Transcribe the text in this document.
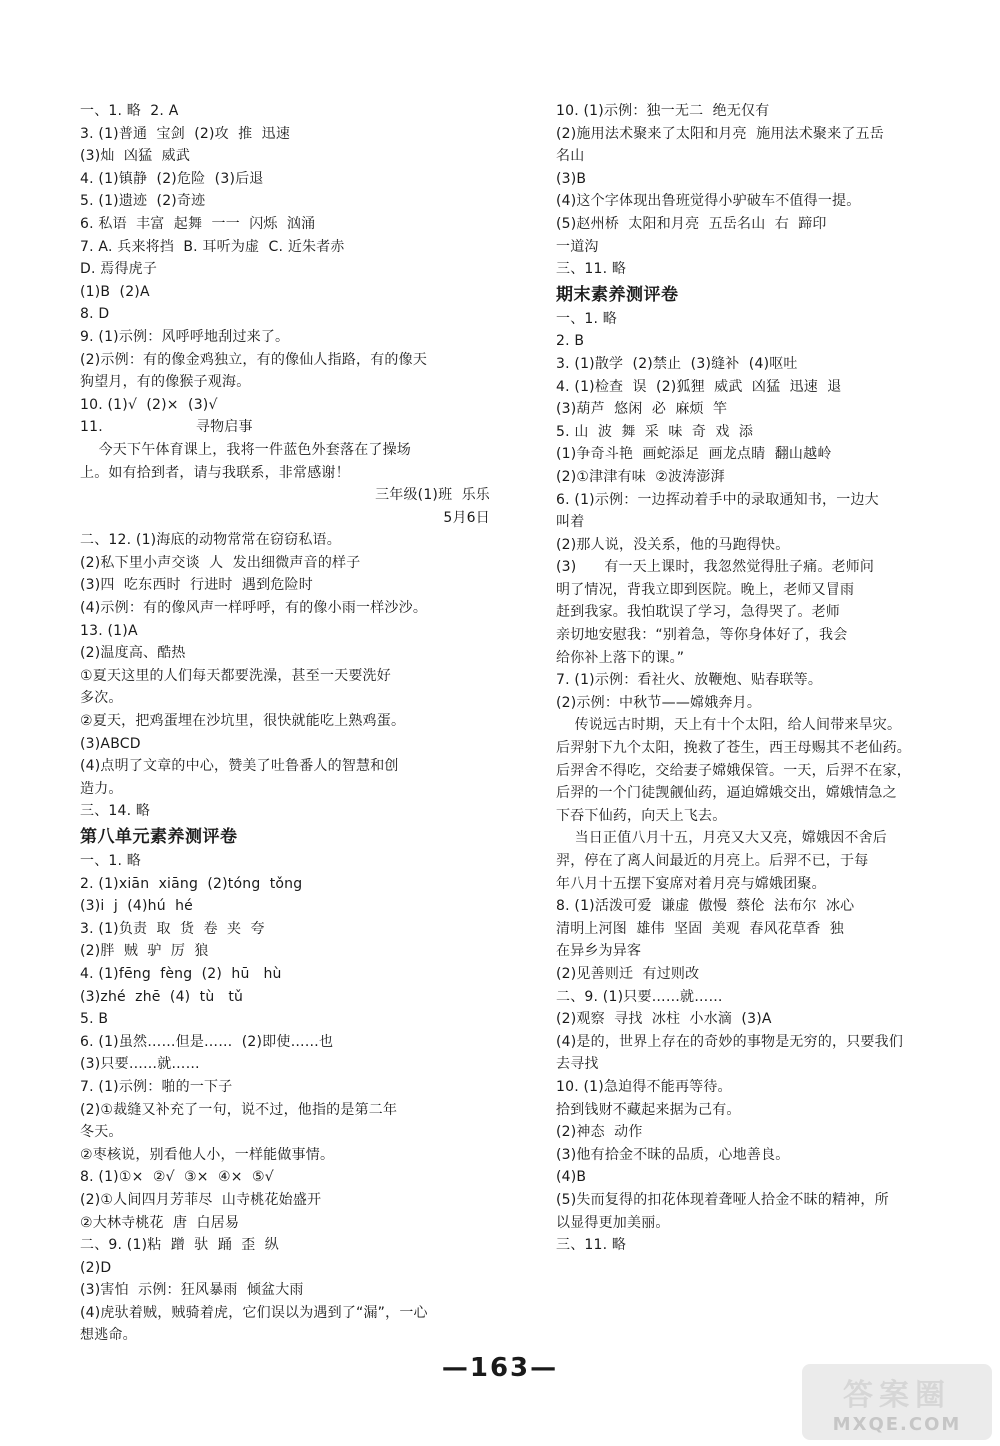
一、1. 略  2. A

3. (1)普通  宝剑  (2)攻  推  迅速

(3)灿  凶猛  威武

4. (1)镇静  (2)危险  (3)后退

5. (1)遗迹  (2)奇迹

6. 私语  丰富  起舞  一一  闪烁  汹涌

7. A. 兵来将挡  B. 耳听为虚  C. 近朱者赤

D. 焉得虎子

(1)B  (2)A

8. D

9. (1)示例：风呼呼地刮过来了。

(2)示例：有的像金鸡独立，有的像仙人指路，有的像天

狗望月，有的像猴子观海。

10. (1)√  (2)×  (3)√

11.                    寻物启事

今天下午体育课上，我将一件蓝色外套落在了操场

上。如有拾到者，请与我联系，非常感谢！

三年级(1)班  乐乐

5月6日

二、12. (1)海底的动物常常在窃窃私语。

(2)私下里小声交谈  人  发出细微声音的样子

(3)四  吃东西时  行进时  遇到危险时

(4)示例：有的像风声一样呼呼，有的像小雨一样沙沙。

13. (1)A

(2)温度高、酷热

①夏天这里的人们每天都要洗澡，甚至一天要洗好

多次。

②夏天，把鸡蛋埋在沙坑里，很快就能吃上熟鸡蛋。

(3)ABCD

(4)点明了文章的中心，赞美了吐鲁番人的智慧和创

造力。

三、14. 略

第八单元素养测评卷

一、1. 略

2. (1)xiān  xiāng  (2)tóng  tǒng

(3)i  j  (4)hú  hé

3. (1)负责  取  货  卷  夹  夸

(2)胖  贼  驴  厉  狼

4. (1)fēng  fèng  (2)  hū   hù

(3)zhé  zhē  (4)  tù   tǔ

5. B

6. (1)虽然……但是……  (2)即使……也

(3)只要……就……

7. (1)示例：啪的一下子

(2)①裁缝又补充了一句，说不过，他指的是第二年

冬天。

②枣核说，别看他人小，一样能做事情。

8. (1)①×  ②√  ③×  ④×  ⑤√

(2)①人间四月芳菲尽  山寺桃花始盛开

②大林寺桃花  唐  白居易

二、9. (1)粘  蹭  驮  踊  歪  纵

(2)D

(3)害怕  示例：狂风暴雨  倾盆大雨

(4)虎驮着贼，贼骑着虎，它们误以为遇到了“漏”，一心

想逃命。

10. (1)示例：独一无二  绝无仅有

(2)施用法术聚来了太阳和月亮  施用法术聚来了五岳

名山

(3)B

(4)这个字体现出鲁班觉得小驴破车不值得一提。

(5)赵州桥  太阳和月亮  五岳名山  右  蹄印

一道沟

三、11. 略

期末素养测评卷

一、1. 略

2. B

3. (1)散学  (2)禁止  (3)缝补  (4)呕吐

4. (1)检查  误  (2)狐狸  威武  凶猛  迅速  退

(3)葫芦  悠闲  必  麻烦  竿

5. 山  波  舞  采  味  奇  戏  添

(1)争奇斗艳  画蛇添足  画龙点睛  翻山越岭

(2)①津津有味  ②波涛澎湃

6. (1)示例：一边挥动着手中的录取通知书，一边大

叫着

(2)那人说，没关系，他的马跑得快。

(3)      有一天上课时，我忽然觉得肚子痛。老师问

明了情况，背我立即到医院。晚上，老师又冒雨

赶到我家。我怕耽误了学习，急得哭了。老师

亲切地安慰我：“别着急，等你身体好了，我会

给你补上落下的课。”

7. (1)示例：看社火、放鞭炮、贴春联等。

(2)示例：中秋节——嫦娥奔月。

传说远古时期，天上有十个太阳，给人间带来旱灾。

后羿射下九个太阳，挽救了苍生，西王母赐其不老仙药。

后羿舍不得吃，交给妻子嫦娥保管。一天，后羿不在家，

后羿的一个门徒觊觎仙药，逼迫嫦娥交出，嫦娥情急之

下吞下仙药，向天上飞去。

当日正值八月十五，月亮又大又亮，嫦娥因不舍后

羿，停在了离人间最近的月亮上。后羿不已，于每

年八月十五摆下宴席对着月亮与嫦娥团聚。

8. (1)活泼可爱  谦虚  傲慢  蔡伦  法布尔  冰心

清明上河图  雄伟  坚固  美观  春风花草香  独

在异乡为异客

(2)见善则迁  有过则改

二、9. (1)只要……就……

(2)观察  寻找  冰柱  小水滴  (3)A

(4)是的，世界上存在的奇妙的事物是无穷的，只要我们

去寻找

10. (1)急迫得不能再等待。

拾到钱财不藏起来据为己有。

(2)神态  动作

(3)他有拾金不昧的品质，心地善良。

(4)B

(5)失而复得的扣花体现着聋哑人拾金不昧的精神，所

以显得更加美丽。

三、11. 略

—163—
答案圈
MXQE.COM
